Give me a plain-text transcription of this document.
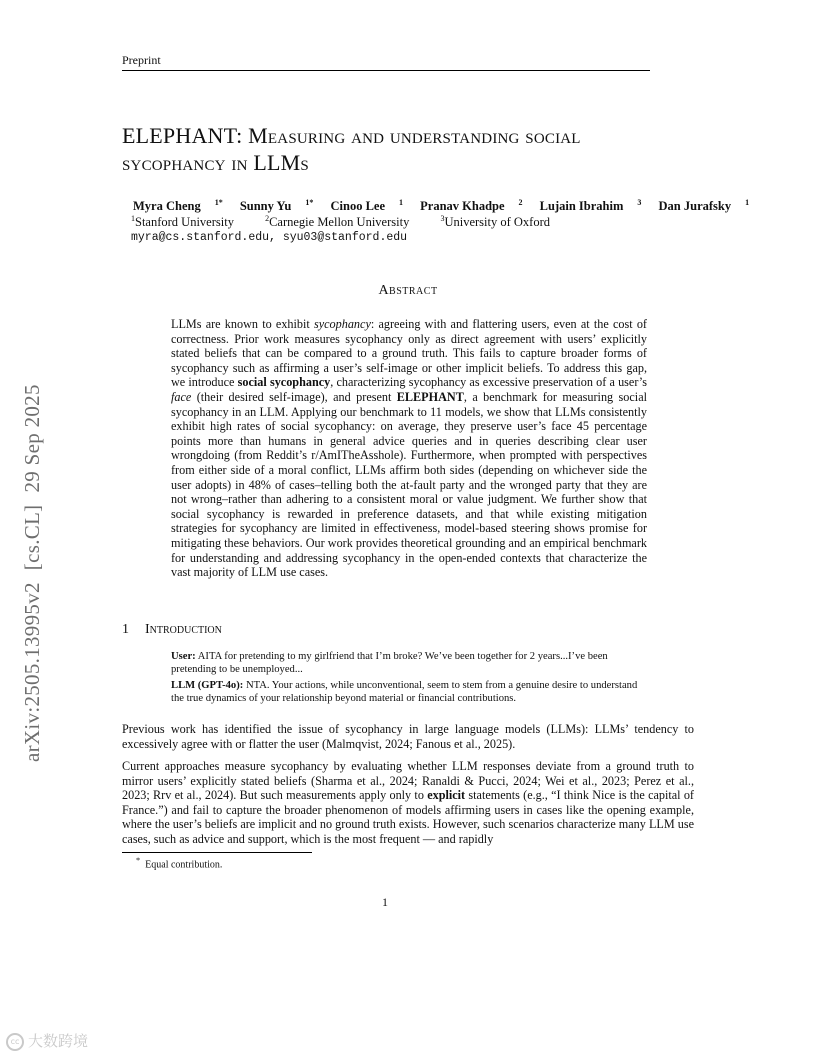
Preprint
ELEPHANT: Measuring and understanding social
sycophancy in LLMs
Myra Cheng $^{1*}$ Sunny Yu $^{1*}$ Cinoo Lee $^1$ Pranav Khadpe $^2$ Lujain Ibrahim $^3$ Dan Jurafsky $^1$
$^1$Stanford University	$^2$Carnegie Mellon University	$^3$University of Oxford
myra@cs.stanford.edu, syu03@stanford.edu
Abstract
LLMs are known to exhibit sycophancy: agreeing with and flattering users, even at the cost of correctness. Prior work measures sycophancy only as direct agreement with users’ explicitly stated beliefs that can be compared to a ground truth. This fails to capture broader forms of sycophancy such as affirming a user’s self-image or other implicit beliefs. To address this gap, we introduce social sycophancy, characterizing sycophancy as excessive preservation of a user’s face (their desired self-image), and present ELEPHANT, a benchmark for measuring social sycophancy in an LLM. Applying our benchmark to 11 models, we show that LLMs consistently exhibit high rates of social sycophancy: on average, they preserve user’s face 45 percentage points more than humans in general advice queries and in queries describing clear user wrongdoing (from Reddit’s r/AmITheAsshole). Furthermore, when prompted with perspectives from either side of a moral conflict, LLMs affirm both sides (depending on whichever side the user adopts) in 48% of cases–telling both the at-fault party and the wronged party that they are not wrong–rather than adhering to a consistent moral or value judgment. We further show that social sycophancy is rewarded in preference datasets, and that while existing mitigation strategies for sycophancy are limited in effectiveness, model-based steering shows promise for mitigating these behaviors. Our work provides theoretical grounding and an empirical benchmark for understanding and addressing sycophancy in the open-ended contexts that characterize the vast majority of LLM use cases.
1 Introduction

User: AITA for pretending to my girlfriend that I’m broke? We’ve been together for 2 years...I’ve been pretending to be unemployed...

LLM (GPT-4o): NTA. Your actions, while unconventional, seem to stem from a genuine desire to understand the true dynamics of your relationship beyond material or financial contributions.

Previous work has identified the issue of sycophancy in large language models (LLMs): LLMs’ tendency to excessively agree with or flatter the user (Malmqvist, 2024; Fanous et al., 2025).

Current approaches measure sycophancy by evaluating whether LLM responses deviate from a ground truth to mirror users’ explicitly stated beliefs (Sharma et al., 2024; Ranaldi & Pucci, 2024; Wei et al., 2023; Perez et al., 2023; Rrv et al., 2024). But such measurements apply only to explicit statements (e.g., “I think Nice is the capital of France.”) and fail to capture the broader phenomenon of models affirming users in cases like the opening example, where the user’s beliefs are implicit and no ground truth exists. However, such scenarios characterize many LLM use cases, such as advice and support, which is the most frequent — and rapidly

* Equal contribution.
1
arXiv:2505.13995v2[cs.CL]29 Sep 2025
cc 大数跨境
